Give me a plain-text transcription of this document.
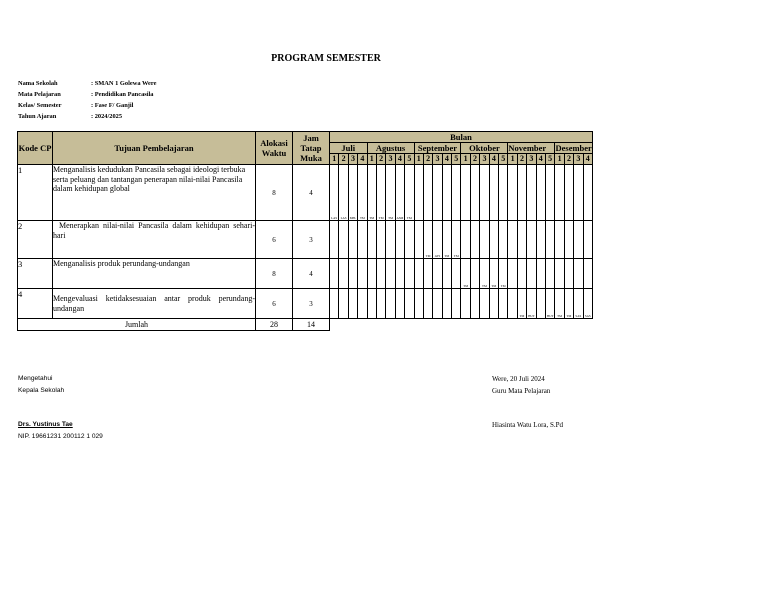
PROGRAM SEMESTER
Nama Sekolah	: SMAN 1 Golewa Were
Mata Pelajaran	: Pendidikan Pancasila
Kelas/ Semester	: Fase F/ Ganjil
Tahun Ajaran	: 2024/2025
Kode CP	Tujuan Pembelajaran	Alokasi Waktu	Jam Tatap Muka	Bulan																											
				Juli				Agustus					September					Oktober					November					Desember			
				1	2	3	4	1	2	3	4	5	1	2	3	4	5	1	2	3	4	5	1	2	3	4	5	1	2	3	4
1	Menganalisis kedudukan Pancasila sebagai ideologi terbuka serta peluang dan tantangan penerapan nilai-nilai Pancasila dalam kehidupan global	8	4	LAS	LAS	MPL	TM	TM	TM	TM	ASM	TM																			

2	Menerapkan nilai-nilai Pancasila dalam kehidupan sehari-hari	6	3											TM	ATS	TM	TM														

3	Menganalisis produk perundang-undangan	8	4															TM		TM	TM	TM									

4	Mengevaluasi ketidaksesuaian antar produk perundang-undangan	6	3																					TM	HUT		HUT	TM	TM	SAS	SAS

Jumlah		28	14																												
Mengetahui
Kepala Sekolah
Drs. Yustinus Tae
NIP. 19661231 200112 1 029
Were, 20 Juli 2024
Guru Mata Pelajaran
Hiasinta Watu Lora, S.Pd
